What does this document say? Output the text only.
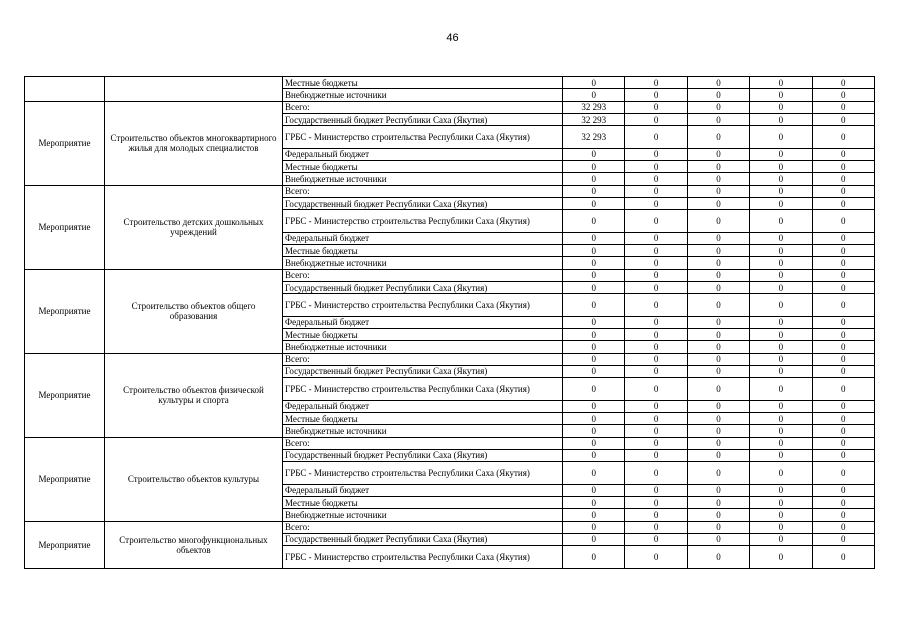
46
		Местные бюджеты	0	0	0	0	0
		Внебюджетные источники	0	0	0	0	0
Мероприятие	Строительство объектов многоквартирного жилья для молодых специалистов	Всего:	32 293	0	0	0	0
		Государственный бюджет Республики Саха (Якутия)	32 293	0	0	0	0
		ГРБС - Министерство строительства Республики Саха (Якутия)	32 293	0	0	0	0
		Федеральный бюджет	0	0	0	0	0
		Местные бюджеты	0	0	0	0	0
		Внебюджетные источники	0	0	0	0	0
Мероприятие	Строительство детских дошкольных учреждений	Всего:	0	0	0	0	0
		Государственный бюджет Республики Саха (Якутия)	0	0	0	0	0
		ГРБС - Министерство строительства Республики Саха (Якутия)	0	0	0	0	0
		Федеральный бюджет	0	0	0	0	0
		Местные бюджеты	0	0	0	0	0
		Внебюджетные источники	0	0	0	0	0
Мероприятие	Строительство объектов общего образования	Всего:	0	0	0	0	0
		Государственный бюджет Республики Саха (Якутия)	0	0	0	0	0
		ГРБС - Министерство строительства Республики Саха (Якутия)	0	0	0	0	0
		Федеральный бюджет	0	0	0	0	0
		Местные бюджеты	0	0	0	0	0
		Внебюджетные источники	0	0	0	0	0
Мероприятие	Строительство объектов физической культуры и спорта	Всего:	0	0	0	0	0
		Государственный бюджет Республики Саха (Якутия)	0	0	0	0	0
		ГРБС - Министерство строительства Республики Саха (Якутия)	0	0	0	0	0
		Федеральный бюджет	0	0	0	0	0
		Местные бюджеты	0	0	0	0	0
		Внебюджетные источники	0	0	0	0	0
Мероприятие	Строительство объектов культуры	Всего:	0	0	0	0	0
		Государственный бюджет Республики Саха (Якутия)	0	0	0	0	0
		ГРБС - Министерство строительства Республики Саха (Якутия)	0	0	0	0	0
		Федеральный бюджет	0	0	0	0	0
		Местные бюджеты	0	0	0	0	0
		Внебюджетные источники	0	0	0	0	0
Мероприятие	Строительство многофункциональных объектов	Всего:	0	0	0	0	0
		Государственный бюджет Республики Саха (Якутия)	0	0	0	0	0
		ГРБС - Министерство строительства Республики Саха (Якутия)	0	0	0	0	0
